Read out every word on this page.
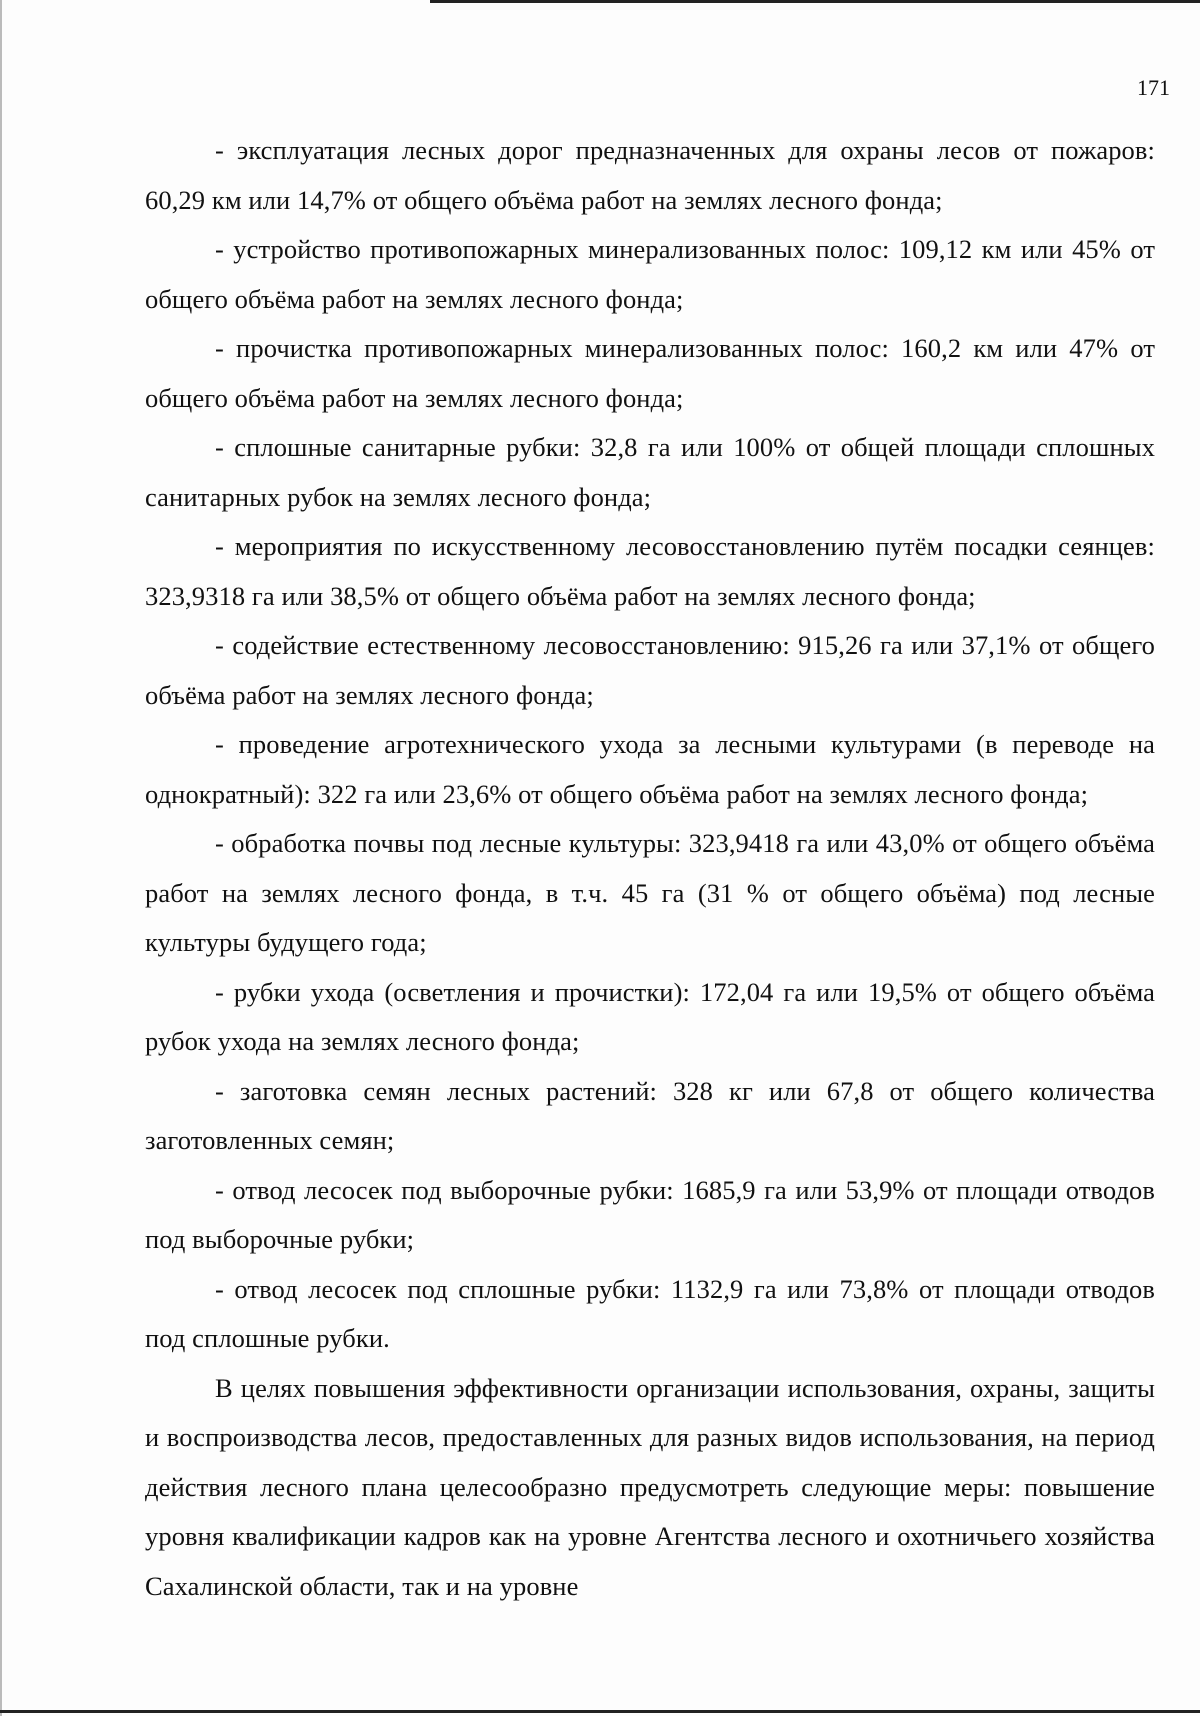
171

- эксплуатация лесных дорог предназначенных для охраны лесов от пожаров: 60,29 км или 14,7% от общего объёма работ на землях лесного фонда;

- устройство противопожарных минерализованных полос: 109,12 км или 45% от общего объёма работ на землях лесного фонда;

- прочистка противопожарных минерализованных полос: 160,2 км или 47% от общего объёма работ на землях лесного фонда;

- сплошные санитарные рубки: 32,8 га или 100% от общей площади сплошных санитарных рубок на землях лесного фонда;

- мероприятия по искусственному лесовосстановлению путём посадки сеянцев: 323,9318 га или 38,5% от общего объёма работ на землях лесного фонда;

- содействие естественному лесовосстановлению: 915,26 га или 37,1% от общего объёма работ на землях лесного фонда;

- проведение агротехнического ухода за лесными культурами (в переводе на однократный): 322 га или 23,6% от общего объёма работ на землях лесного фонда;

- обработка почвы под лесные культуры: 323,9418 га или 43,0% от общего объёма работ на землях лесного фонда, в т.ч. 45 га (31 % от общего объёма) под лесные культуры будущего года;

- рубки ухода (осветления и прочистки): 172,04 га или 19,5% от общего объёма рубок ухода на землях лесного фонда;

- заготовка семян лесных растений: 328 кг или 67,8 от общего количества заготовленных семян;

- отвод лесосек под выборочные рубки: 1685,9 га или 53,9% от площади отводов под выборочные рубки;

- отвод лесосек под сплошные рубки: 1132,9 га или 73,8% от площади отводов под сплошные рубки.

В целях повышения эффективности организации использования, охраны, защиты и воспроизводства лесов, предоставленных для разных видов использования, на период действия лесного плана целесообразно предусмотреть следующие меры: повышение уровня квалификации кадров как на уровне Агентства лесного и охотничьего хозяйства Сахалинской области, так и на уровне
